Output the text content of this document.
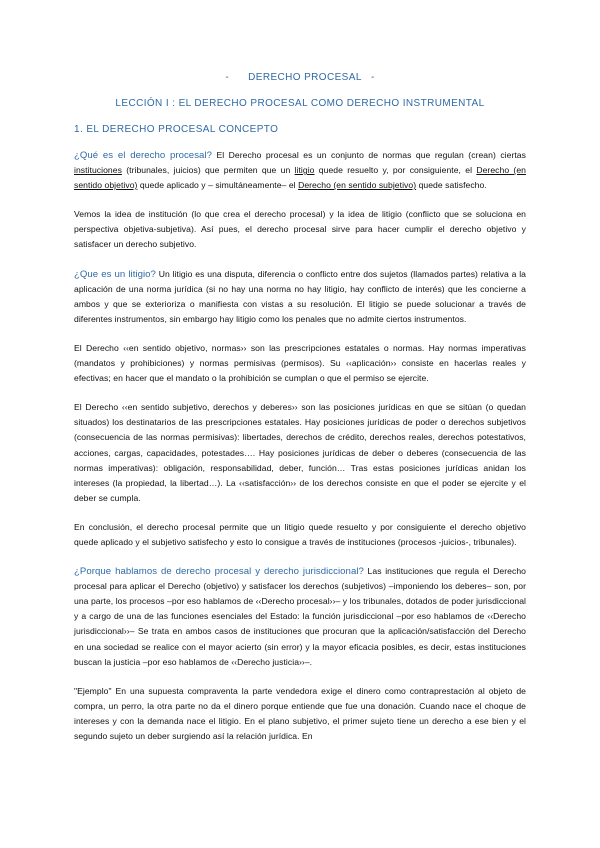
-      DERECHO PROCESAL   -
LECCIÓN I : EL DERECHO PROCESAL COMO DERECHO INSTRUMENTAL
1. EL DERECHO PROCESAL CONCEPTO

¿Qué es el derecho procesal? El Derecho procesal es un conjunto de normas que regulan (crean) ciertas instituciones (tribunales, juicios) que permiten que un litigio quede resuelto y, por consiguiente, el Derecho (en sentido objetivo) quede aplicado y – simultáneamente– el Derecho (en sentido subjetivo) quede satisfecho.

Vemos la idea de institución (lo que crea el derecho procesal) y la idea de litigio (conflicto que se soluciona en perspectiva objetiva-subjetiva). Así pues, el derecho procesal sirve para hacer cumplir el derecho objetivo y satisfacer un derecho subjetivo.

¿Que es un litigio? Un litigio es una disputa, diferencia o conflicto entre dos sujetos (llamados partes) relativa a la aplicación de una norma jurídica (si no hay una norma no hay litigio, hay conflicto de interés) que les concierne a ambos y que se exterioriza o manifiesta con vistas a su resolución. El litigio se puede solucionar a través de diferentes instrumentos, sin embargo hay litigio como los penales que no admite ciertos instrumentos.

El Derecho ‹‹en sentido objetivo, normas›› son las prescripciones estatales o normas. Hay normas imperativas (mandatos y prohibiciones) y normas permisivas (permisos). Su ‹‹aplicación›› consiste en hacerlas reales y efectivas; en hacer que el mandato o la prohibición se cumplan o que el permiso se ejercite.

El Derecho ‹‹en sentido subjetivo, derechos y deberes›› son las posiciones jurídicas en que se sitúan (o quedan situados) los destinatarios de las prescripciones estatales. Hay posiciones jurídicas de poder o derechos subjetivos (consecuencia de las normas permisivas): libertades, derechos de crédito, derechos reales, derechos potestativos, acciones, cargas, capacidades, potestades…. Hay posiciones jurídicas de deber o deberes (consecuencia de las normas imperativas): obligación, responsabilidad, deber, función… Tras estas posiciones jurídicas anidan los intereses (la propiedad, la libertad…). La ‹‹satisfacción›› de los derechos consiste en que el poder se ejercite y el deber se cumpla.

En conclusión, el derecho procesal permite que un litigio quede resuelto y por consiguiente el derecho objetivo quede aplicado y el subjetivo satisfecho y esto lo consigue a través de instituciones (procesos -juicios-, tribunales).

¿Porque hablamos de derecho procesal y derecho jurisdiccional? Las instituciones que regula el Derecho procesal para aplicar el Derecho (objetivo) y satisfacer los derechos (subjetivos) –imponiendo los deberes– son, por una parte, los procesos –por eso hablamos de ‹‹Derecho procesal››– y los tribunales, dotados de poder jurisdiccional y a cargo de una de las funciones esenciales del Estado: la función jurisdiccional –por eso hablamos de ‹‹Derecho jurisdiccional››– Se trata en ambos casos de instituciones que procuran que la aplicación/satisfacción del Derecho en una sociedad se realice con el mayor acierto (sin error) y la mayor eficacia posibles, es decir, estas instituciones buscan la justicia –por eso hablamos de ‹‹Derecho justicia››–.

"Ejemplo" En una supuesta compraventa la parte vendedora exige el dinero como contraprestación al objeto de compra, un perro, la otra parte no da el dinero porque entiende que fue una donación. Cuando nace el choque de intereses y con la demanda nace el litigio. En el plano subjetivo, el primer sujeto tiene un derecho a ese bien y el segundo sujeto un deber surgiendo así la relación jurídica. En
